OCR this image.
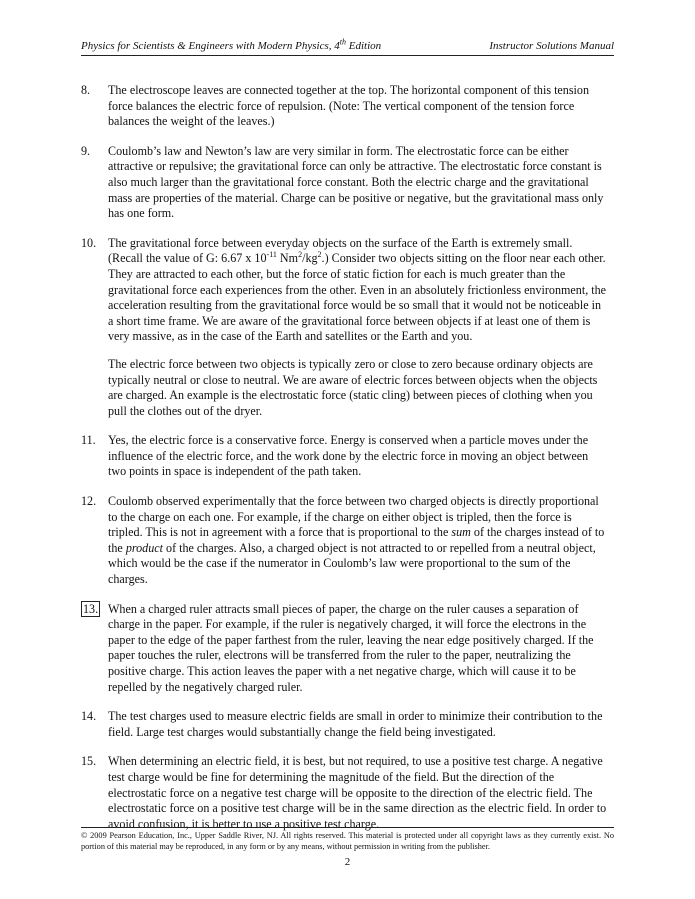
Physics for Scientists & Engineers with Modern Physics, 4th Edition	Instructor Solutions Manual
8. The electroscope leaves are connected together at the top. The horizontal component of this tension force balances the electric force of repulsion. (Note: The vertical component of the tension force balances the weight of the leaves.)

9. Coulomb’s law and Newton’s law are very similar in form. The electrostatic force can be either attractive or repulsive; the gravitational force can only be attractive. The electrostatic force constant is also much larger than the gravitational force constant. Both the electric charge and the gravitational mass are properties of the material. Charge can be positive or negative, but the gravitational mass only has one form.

10. The gravitational force between everyday objects on the surface of the Earth is extremely small. (Recall the value of G: 6.67 x $10^{-11}$ $Nm^2/kg^2$.) Consider two objects sitting on the floor near each other. They are attracted to each other, but the force of static fiction for each is much greater than the gravitational force each experiences from the other. Even in an absolutely frictionless environment, the acceleration resulting from the gravitational force would be so small that it would not be noticeable in a short time frame. We are aware of the gravitational force between objects if at least one of them is very massive, as in the case of the Earth and satellites or the Earth and you.

The electric force between two objects is typically zero or close to zero because ordinary objects are typically neutral or close to neutral. We are aware of electric forces between objects when the objects are charged. An example is the electrostatic force (static cling) between pieces of clothing when you pull the clothes out of the dryer.

11. Yes, the electric force is a conservative force. Energy is conserved when a particle moves under the influence of the electric force, and the work done by the electric force in moving an object between two points in space is independent of the path taken.

12. Coulomb observed experimentally that the force between two charged objects is directly proportional to the charge on each one. For example, if the charge on either object is tripled, then the force is tripled. This is not in agreement with a force that is proportional to the sum of the charges instead of to the product of the charges. Also, a charged object is not attracted to or repelled from a neutral object, which would be the case if the numerator in Coulomb’s law were proportional to the sum of the charges.

13. When a charged ruler attracts small pieces of paper, the charge on the ruler causes a separation of charge in the paper. For example, if the ruler is negatively charged, it will force the electrons in the paper to the edge of the paper farthest from the ruler, leaving the near edge positively charged. If the paper touches the ruler, electrons will be transferred from the ruler to the paper, neutralizing the positive charge. This action leaves the paper with a net negative charge, which will cause it to be repelled by the negatively charged ruler.

14. The test charges used to measure electric fields are small in order to minimize their contribution to the field. Large test charges would substantially change the field being investigated.

15. When determining an electric field, it is best, but not required, to use a positive test charge. A negative test charge would be fine for determining the magnitude of the field. But the direction of the electrostatic force on a negative test charge will be opposite to the direction of the electric field. The electrostatic force on a positive test charge will be in the same direction as the electric field. In order to avoid confusion, it is better to use a positive test charge.

© 2009 Pearson Education, Inc., Upper Saddle River, NJ. All rights reserved. This material is protected under all copyright laws as they currently exist. No portion of this material may be reproduced, in any form or by any means, without permission in writing from the publisher.
2
